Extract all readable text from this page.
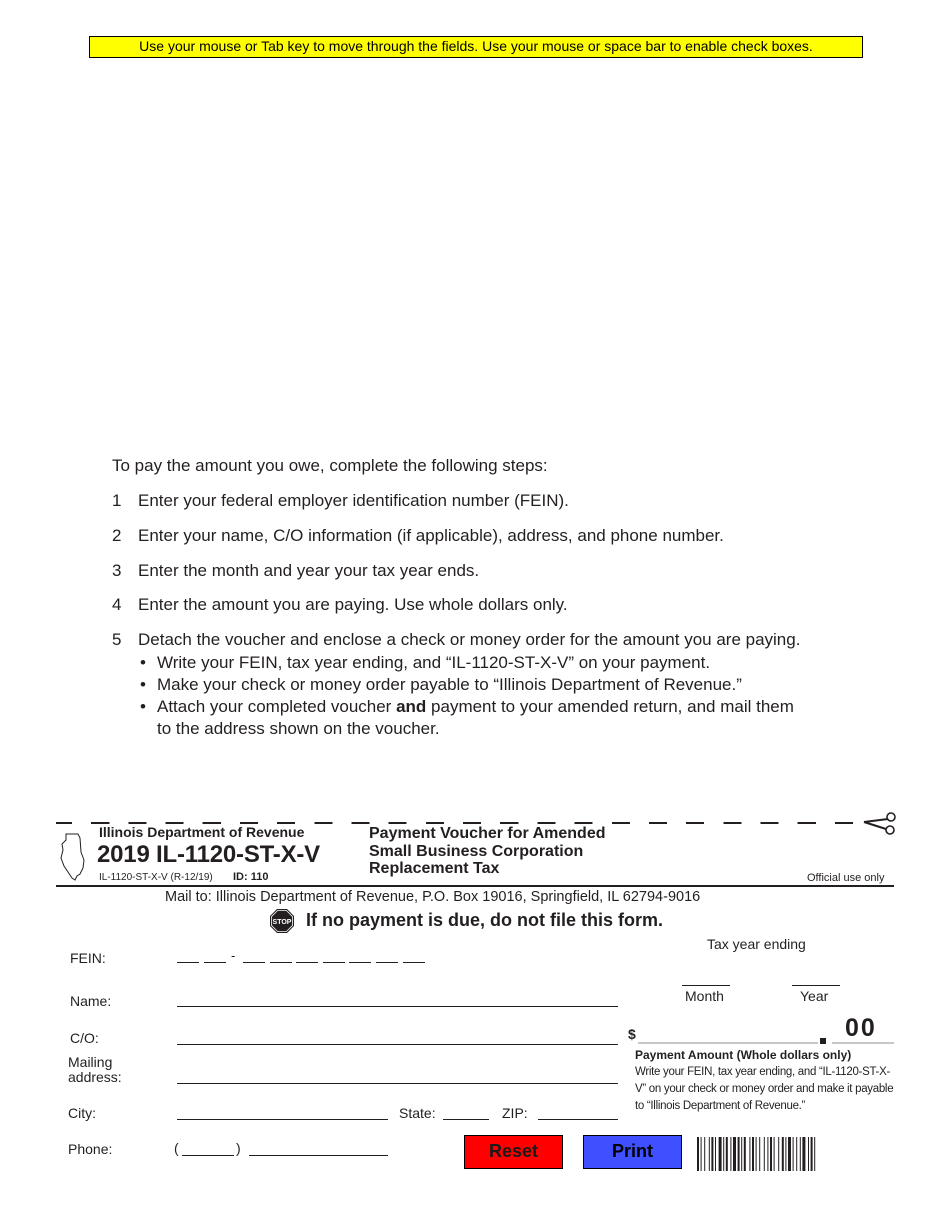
Use your mouse or Tab key to move through the fields. Use your mouse or space bar to enable check boxes.
To pay the amount you owe, complete the following steps:
1 Enter your federal employer identification number (FEIN).
2 Enter your name, C/O information (if applicable), address, and phone number.
3 Enter the month and year your tax year ends.
4 Enter the amount you are paying. Use whole dollars only.
5 Detach the voucher and enclose a check or money order for the amount you are paying.
• Write your FEIN, tax year ending, and “IL-1120-ST-X-V” on your payment.
• Make your check or money order payable to “Illinois Department of Revenue.”
• Attach your completed voucher and payment to your amended return, and mail them
to the address shown on the voucher.
Illinois Department of Revenue
2019 IL-1120-ST-X-V
IL-1120-ST-X-V (R-12/19) ID: 110
Payment Voucher for Amended
Small Business Corporation
Replacement Tax
Official use only
Mail to: Illinois Department of Revenue, P.O. Box 19016, Springfield, IL 62794-9016
STOP If no payment is due, do not file this form.
FEIN:	-
Tax year ending
Month	Year
Name:
C/O:	$	00
Payment Amount (Whole dollars only)
Write your FEIN, tax year ending, and “IL-1120-ST-X-V” on your check or money order and make it payable to “Illinois Department of Revenue.”
Mailing
address:
City:	State:	ZIP:
Phone:	(	)	Reset	Print
